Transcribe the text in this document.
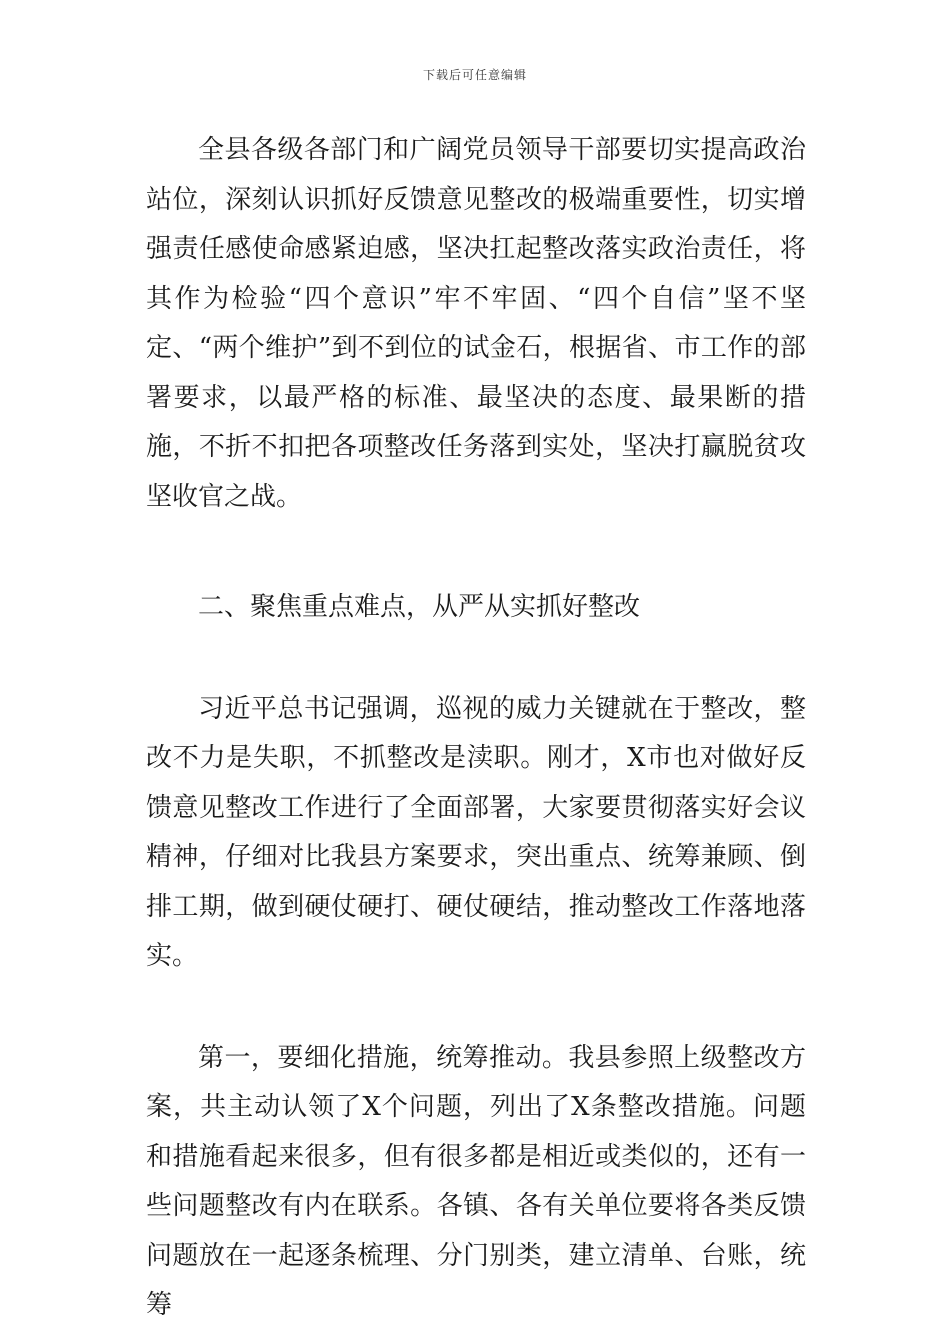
下载后可任意编辑

全县各级各部门和广阔党员领导干部要切实提高政治站位，深刻认识抓好反馈意见整改的极端重要性，切实增强责任感使命感紧迫感，坚决扛起整改落实政治责任，将其作为检验“四个意识”牢不牢固、“四个自信”坚不坚定、“两个维护”到不到位的试金石，根据省、市工作的部署要求，以最严格的标准、最坚决的态度、最果断的措施，不折不扣把各项整改任务落到实处，坚决打赢脱贫攻坚收官之战。

二、聚焦重点难点，从严从实抓好整改

习近平总书记强调，巡视的威力关键就在于整改，整改不力是失职，不抓整改是渎职。刚才，X市也对做好反馈意见整改工作进行了全面部署，大家要贯彻落实好会议精神，仔细对比我县方案要求，突出重点、统筹兼顾、倒排工期，做到硬仗硬打、硬仗硬结，推动整改工作落地落实。

第一，要细化措施，统筹推动。我县参照上级整改方案，共主动认领了X个问题，列出了X条整改措施。问题和措施看起来很多，但有很多都是相近或类似的，还有一些问题整改有内在联系。各镇、各有关单位要将各类反馈问题放在一起逐条梳理、分门别类，建立清单、台账，统筹
